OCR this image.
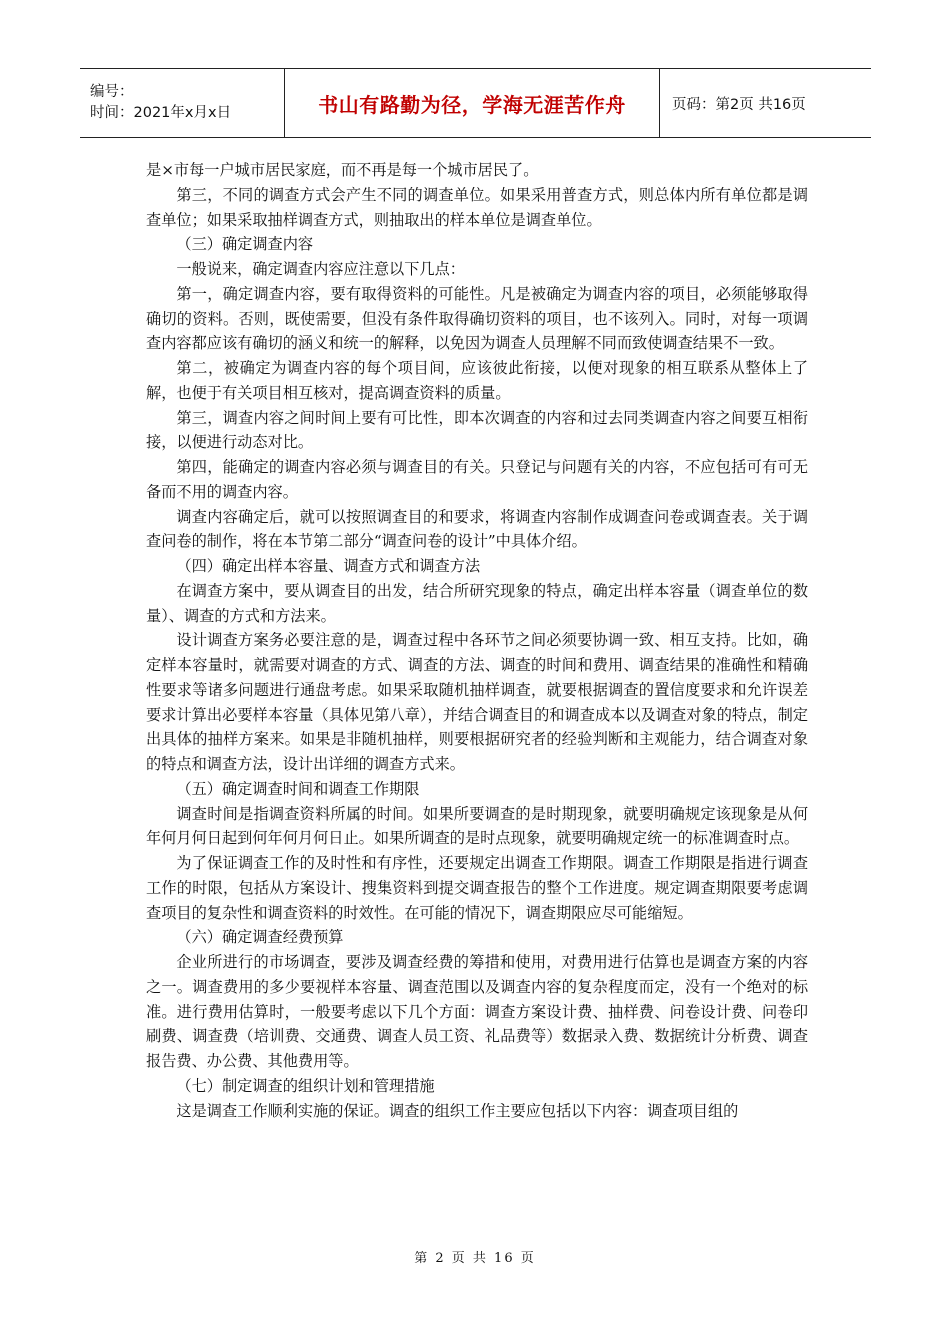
编号：
时间：2021年x月x日	书山有路勤为径，学海无涯苦作舟	页码：第2页 共16页

是×市每一户城市居民家庭，而不再是每一个城市居民了。

第三，不同的调查方式会产生不同的调查单位。如果采用普查方式，则总体内所有单位都是调查单位；如果采取抽样调查方式，则抽取出的样本单位是调查单位。

（三）确定调查内容

一般说来，确定调查内容应注意以下几点：

第一，确定调查内容，要有取得资料的可能性。凡是被确定为调查内容的项目，必须能够取得确切的资料。否则，既使需要，但没有条件取得确切资料的项目，也不该列入。同时，对每一项调查内容都应该有确切的涵义和统一的解释，以免因为调查人员理解不同而致使调查结果不一致。

第二，被确定为调查内容的每个项目间，应该彼此衔接，以便对现象的相互联系从整体上了解，也便于有关项目相互核对，提高调查资料的质量。

第三，调查内容之间时间上要有可比性，即本次调查的内容和过去同类调查内容之间要互相衔接，以便进行动态对比。

第四，能确定的调查内容必须与调查目的有关。只登记与问题有关的内容，不应包括可有可无备而不用的调查内容。

调查内容确定后，就可以按照调查目的和要求，将调查内容制作成调查问卷或调查表。关于调查问卷的制作，将在本节第二部分“调查问卷的设计”中具体介绍。

（四）确定出样本容量、调查方式和调查方法

在调查方案中，要从调查目的出发，结合所研究现象的特点，确定出样本容量（调查单位的数量）、调查的方式和方法来。

设计调查方案务必要注意的是，调查过程中各环节之间必须要协调一致、相互支持。比如，确定样本容量时，就需要对调查的方式、调查的方法、调查的时间和费用、调查结果的准确性和精确性要求等诸多问题进行通盘考虑。如果采取随机抽样调查，就要根据调查的置信度要求和允许误差要求计算出必要样本容量（具体见第八章），并结合调查目的和调查成本以及调查对象的特点，制定出具体的抽样方案来。如果是非随机抽样，则要根据研究者的经验判断和主观能力，结合调查对象的特点和调查方法，设计出详细的调查方式来。

（五）确定调查时间和调查工作期限

调查时间是指调查资料所属的时间。如果所要调查的是时期现象，就要明确规定该现象是从何年何月何日起到何年何月何日止。如果所调查的是时点现象，就要明确规定统一的标准调查时点。

为了保证调查工作的及时性和有序性，还要规定出调查工作期限。调查工作期限是指进行调查工作的时限，包括从方案设计、搜集资料到提交调查报告的整个工作进度。规定调查期限要考虑调查项目的复杂性和调查资料的时效性。在可能的情况下，调查期限应尽可能缩短。

（六）确定调查经费预算

企业所进行的市场调查，要涉及调查经费的筹措和使用，对费用进行估算也是调查方案的内容之一。调查费用的多少要视样本容量、调查范围以及调查内容的复杂程度而定，没有一个绝对的标准。进行费用估算时，一般要考虑以下几个方面：调查方案设计费、抽样费、问卷设计费、问卷印刷费、调查费（培训费、交通费、调查人员工资、礼品费等）数据录入费、数据统计分析费、调查报告费、办公费、其他费用等。

（七）制定调查的组织计划和管理措施

这是调查工作顺利实施的保证。调查的组织工作主要应包括以下内容：调查项目组的

第 2 页 共 16 页
